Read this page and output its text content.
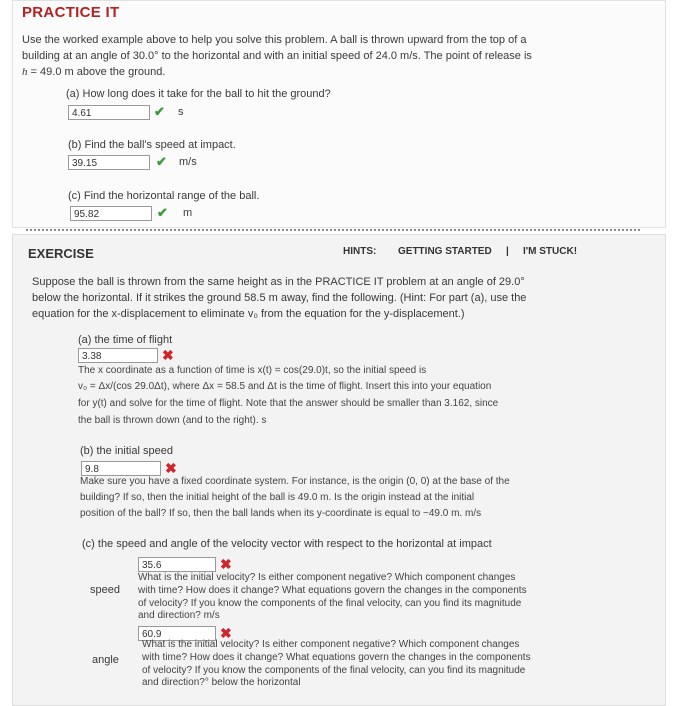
PRACTICE IT
Use the worked example above to help you solve this problem. A ball is thrown upward from the top of a
building at an angle of 30.0° to the horizontal and with an initial speed of 24.0 m/s. The point of release is
h = 49.0 m above the ground.
(a) How long does it take for the ball to hit the ground?
4.61	✔ s
(b) Find the ball's speed at impact.
39.15	✔ m/s
(c) Find the horizontal range of the ball.
95.82	✔ m
EXERCISE	HINTS: GETTING STARTED | I'M STUCK!
Suppose the ball is thrown from the same height as in the PRACTICE IT problem at an angle of 29.0°
below the horizontal. If it strikes the ground 58.5 m away, find the following. (Hint: For part (a), use the
equation for the x-displacement to eliminate v₀ from the equation for the y-displacement.)
(a) the time of flight
3.38	✖
The x coordinate as a function of time is x(t) = cos(29.0)t, so the initial speed is
v₀ = Δx/(cos 29.0Δt), where Δx = 58.5 and Δt is the time of flight. Insert this into your equation
for y(t) and solve for the time of flight. Note that the answer should be smaller than 3.162, since
the ball is thrown down (and to the right). s
(b) the initial speed
9.8	✖
Make sure you have a fixed coordinate system. For instance, is the origin (0, 0) at the base of the
building? If so, then the initial height of the ball is 49.0 m. Is the origin instead at the initial
position of the ball? If so, then the ball lands when its y-coordinate is equal to −49.0 m. m/s
(c) the speed and angle of the velocity vector with respect to the horizontal at impact
speed
35.6	✖
What is the initial velocity? Is either component negative? Which component changes
with time? How does it change? What equations govern the changes in the components
of velocity? If you know the components of the final velocity, can you find its magnitude
and direction? m/s
angle
60.9	✖
What is the initial velocity? Is either component negative? Which component changes
with time? How does it change? What equations govern the changes in the components
of velocity? If you know the components of the final velocity, can you find its magnitude
and direction?° below the horizontal
